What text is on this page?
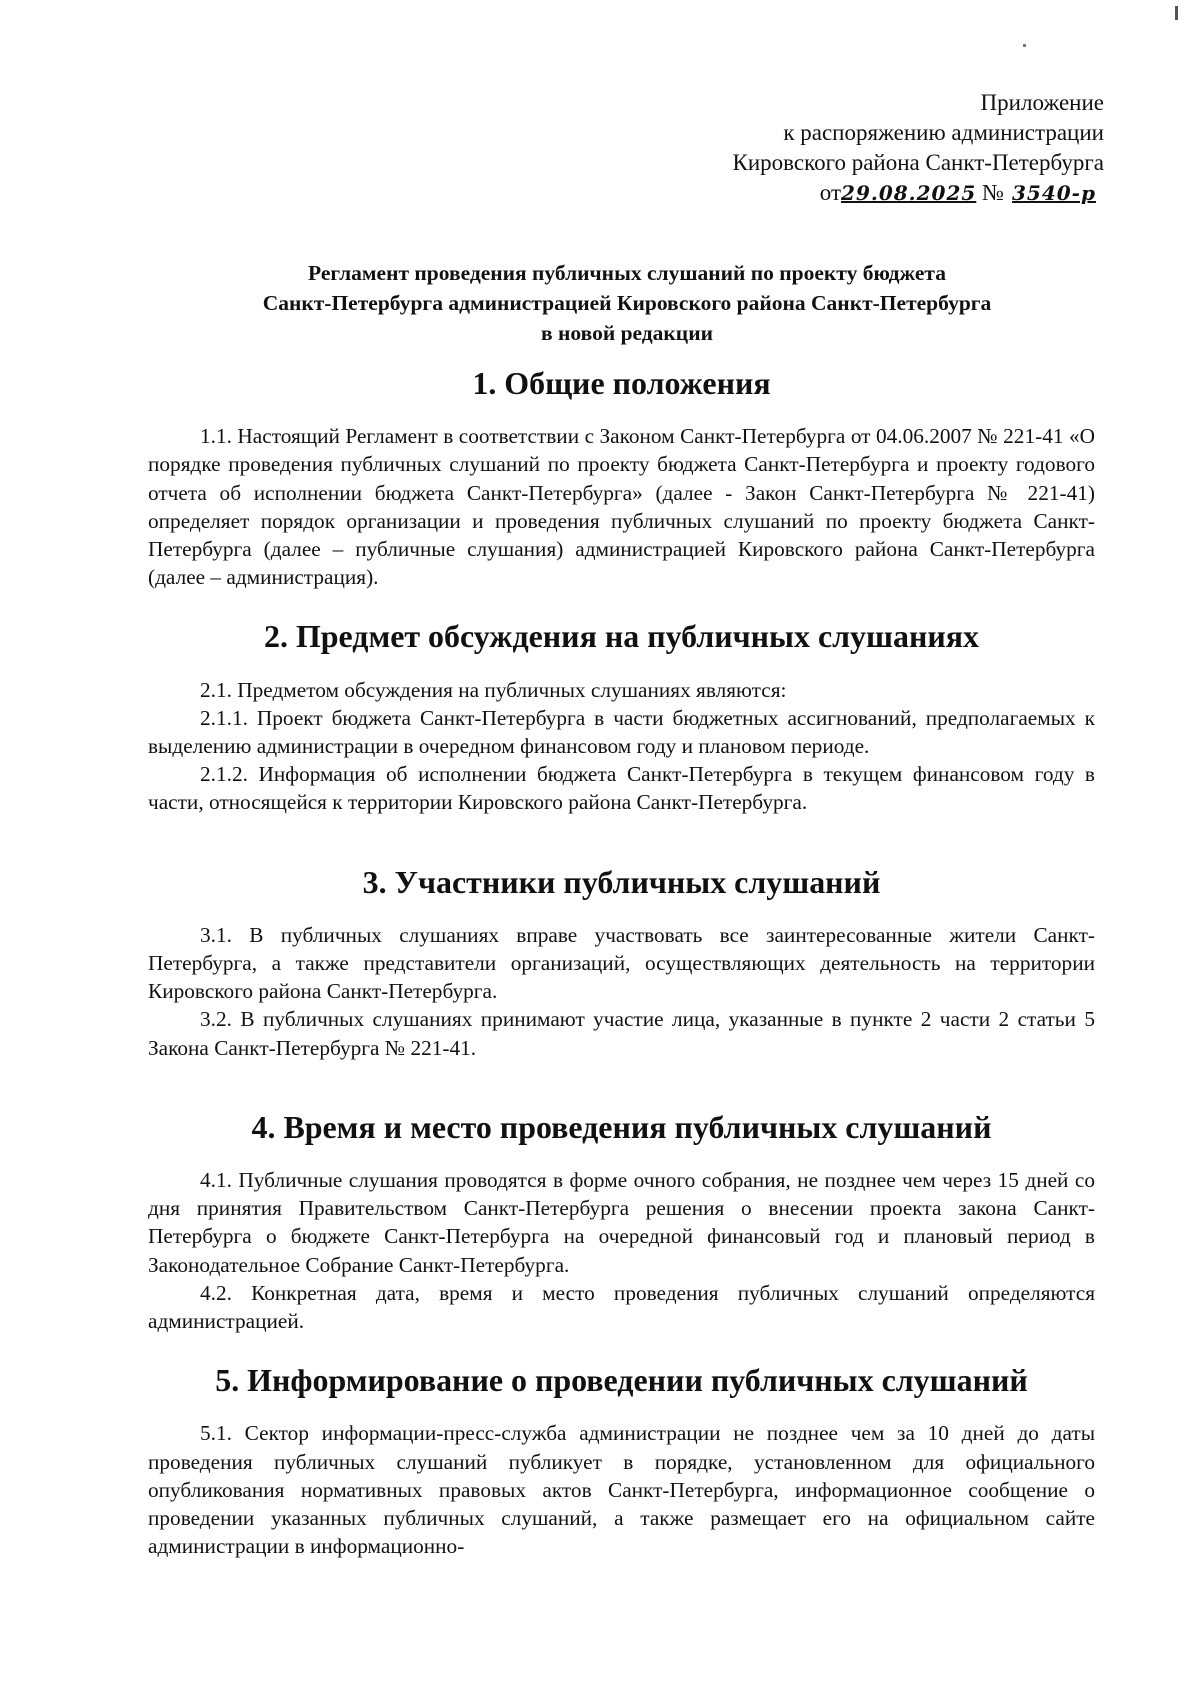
Приложение
к распоряжению администрации
Кировского района Санкт-Петербурга
от29.08.2025 № 3540-р
Регламент проведения публичных слушаний по проекту бюджета
Санкт-Петербурга администрацией Кировского района Санкт-Петербурга
в новой редакции
1. Общие положения

1.1. Настоящий Регламент в соответствии с Законом Санкт-Петербурга от 04.06.2007 № 221-41 «О порядке проведения публичных слушаний по проекту бюджета Санкт-Петербурга и проекту годового отчета об исполнении бюджета Санкт-Петербурга» (далее - Закон Санкт-Петербурга № 221-41) определяет порядок организации и проведения публичных слушаний по проекту бюджета Санкт-Петербурга (далее – публичные слушания) администрацией Кировского района Санкт-Петербурга (далее – администрация).

2. Предмет обсуждения на публичных слушаниях

2.1. Предметом обсуждения на публичных слушаниях являются:

2.1.1. Проект бюджета Санкт-Петербурга в части бюджетных ассигнований, предполагаемых к выделению администрации в очередном финансовом году и плановом периоде.

2.1.2. Информация об исполнении бюджета Санкт-Петербурга в текущем финансовом году в части, относящейся к территории Кировского района Санкт-Петербурга.

3. Участники публичных слушаний

3.1. В публичных слушаниях вправе участвовать все заинтересованные жители Санкт-Петербурга, а также представители организаций, осуществляющих деятельность на территории Кировского района Санкт-Петербурга.

3.2. В публичных слушаниях принимают участие лица, указанные в пункте 2 части 2 статьи 5 Закона Санкт-Петербурга № 221-41.

4. Время и место проведения публичных слушаний

4.1. Публичные слушания проводятся в форме очного собрания, не позднее чем через 15 дней со дня принятия Правительством Санкт-Петербурга решения о внесении проекта закона Санкт-Петербурга о бюджете Санкт-Петербурга на очередной финансовый год и плановый период в Законодательное Собрание Санкт-Петербурга.

4.2. Конкретная дата, время и место проведения публичных слушаний определяются администрацией.

5. Информирование о проведении публичных слушаний

5.1. Сектор информации-пресс-служба администрации не позднее чем за 10 дней до даты проведения публичных слушаний публикует в порядке, установленном для официального опубликования нормативных правовых актов Санкт-Петербурга, информационное сообщение о проведении указанных публичных слушаний, а также размещает его на официальном сайте администрации в информационно-
